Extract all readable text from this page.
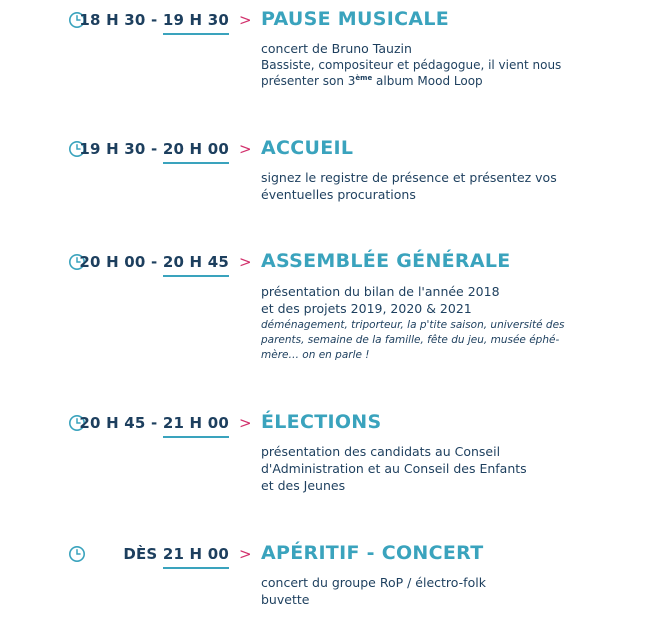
18 H 30 - 19 H 30 > PAUSE MUSICALE
concert de Bruno Tauzin
Bassiste, compositeur et pédagogue, il vient nous
présenter son 3ème album Mood Loop
19 H 30 - 20 H 00 > ACCUEIL
signez le registre de présence et présentez vos
éventuelles procurations
20 H 00 - 20 H 45 > ASSEMBLÉE GÉNÉRALE
présentation du bilan de l'année 2018
et des projets 2019, 2020 & 2021
déménagement, triporteur, la p'tite saison, université des
parents, semaine de la famille, fête du jeu, musée éphé-
mère… on en parle !
20 H 45 - 21 H 00 > ÉLECTIONS
présentation des candidats au Conseil
d'Administration et au Conseil des Enfants
et des Jeunes
DÈS 21 H 00 > APÉRITIF - CONCERT
concert du groupe RoP / électro-folk
buvette
